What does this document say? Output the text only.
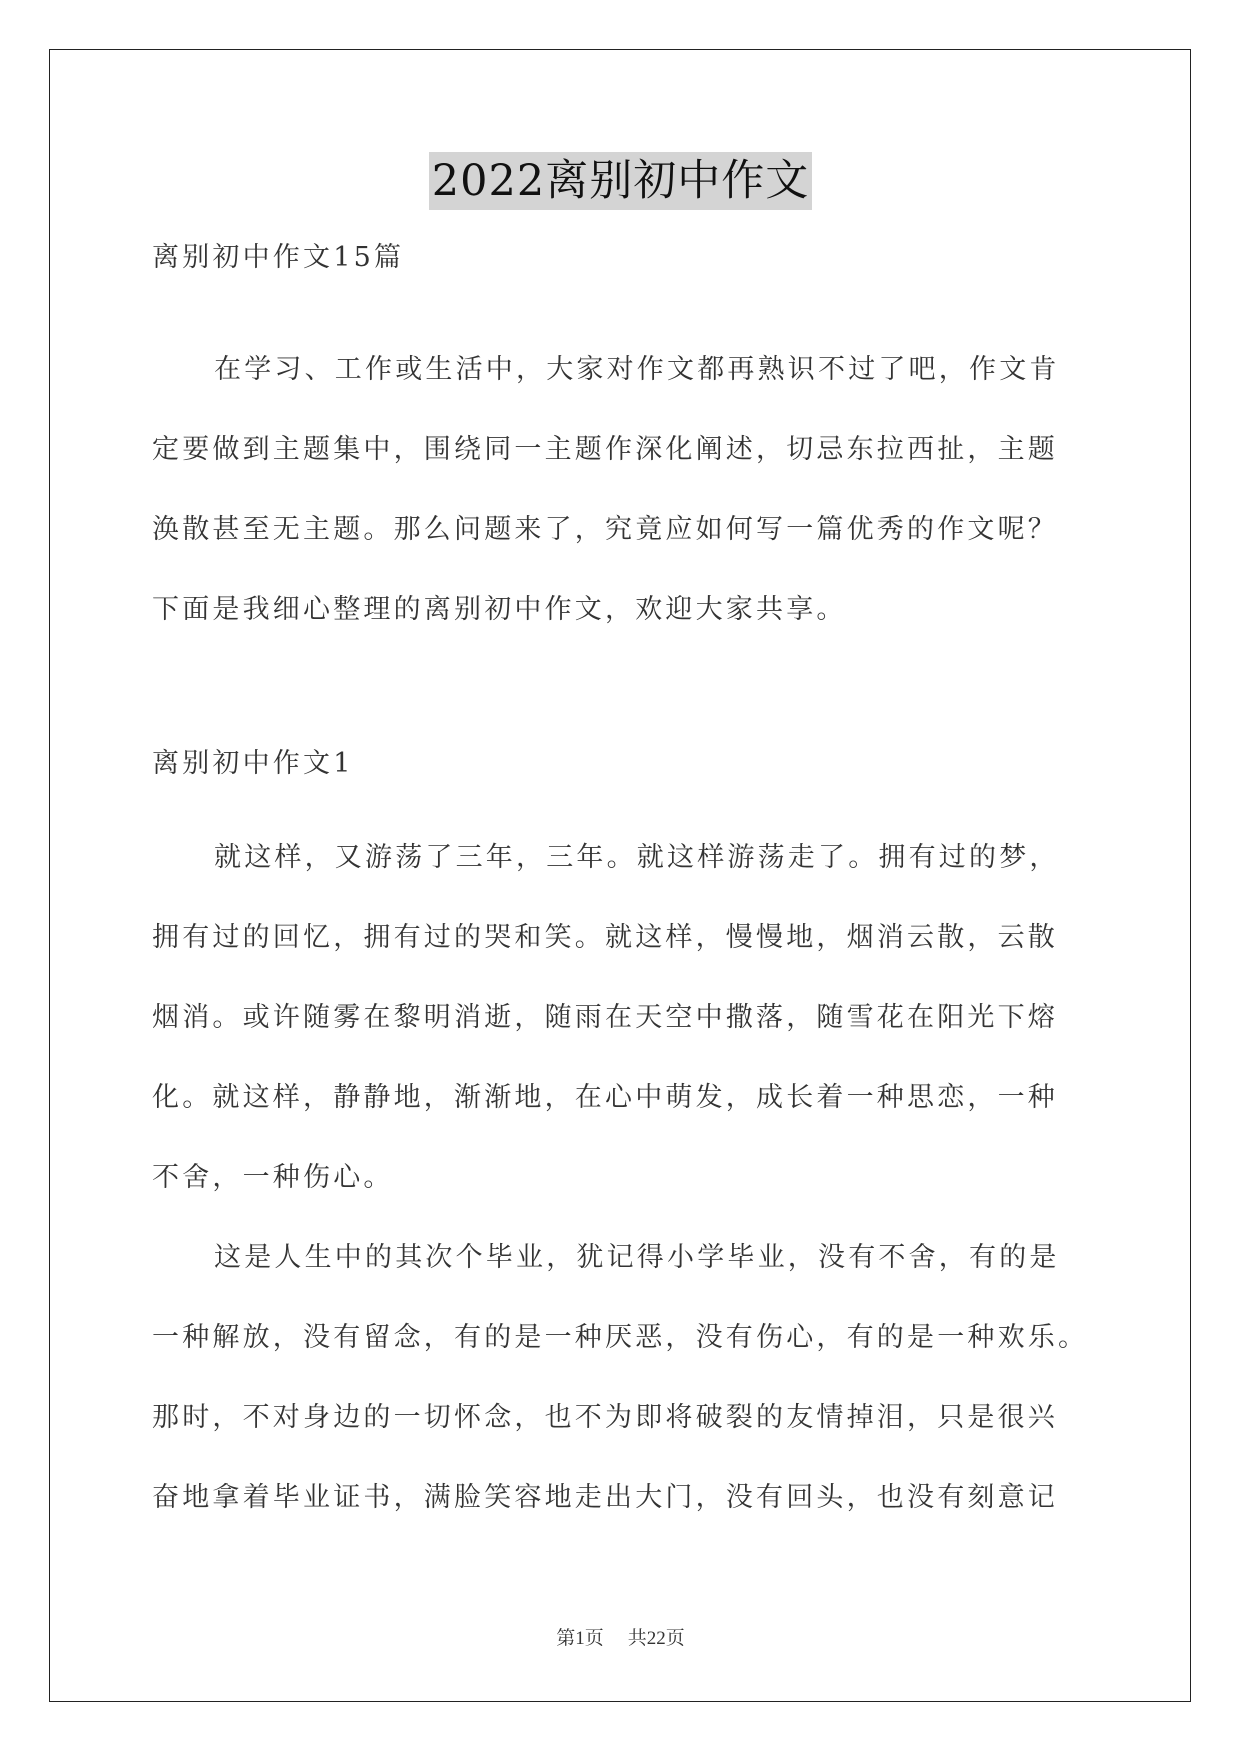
2022离别初中作文
离别初中作文15篇
在学习、工作或生活中，大家对作文都再熟识不过了吧，作文肯
定要做到主题集中，围绕同一主题作深化阐述，切忌东拉西扯，主题
涣散甚至无主题。那么问题来了，究竟应如何写一篇优秀的作文呢？
下面是我细心整理的离别初中作文，欢迎大家共享。
离别初中作文1
就这样，又游荡了三年，三年。就这样游荡走了。拥有过的梦，
拥有过的回忆，拥有过的哭和笑。就这样，慢慢地，烟消云散，云散
烟消。或许随雾在黎明消逝，随雨在天空中撒落，随雪花在阳光下熔
化。就这样，静静地，渐渐地，在心中萌发，成长着一种思恋，一种
不舍，一种伤心。
这是人生中的其次个毕业，犹记得小学毕业，没有不舍，有的是
一种解放，没有留念，有的是一种厌恶，没有伤心，有的是一种欢乐。
那时，不对身边的一切怀念，也不为即将破裂的友情掉泪，只是很兴
奋地拿着毕业证书，满脸笑容地走出大门，没有回头，也没有刻意记
第1页 共22页
